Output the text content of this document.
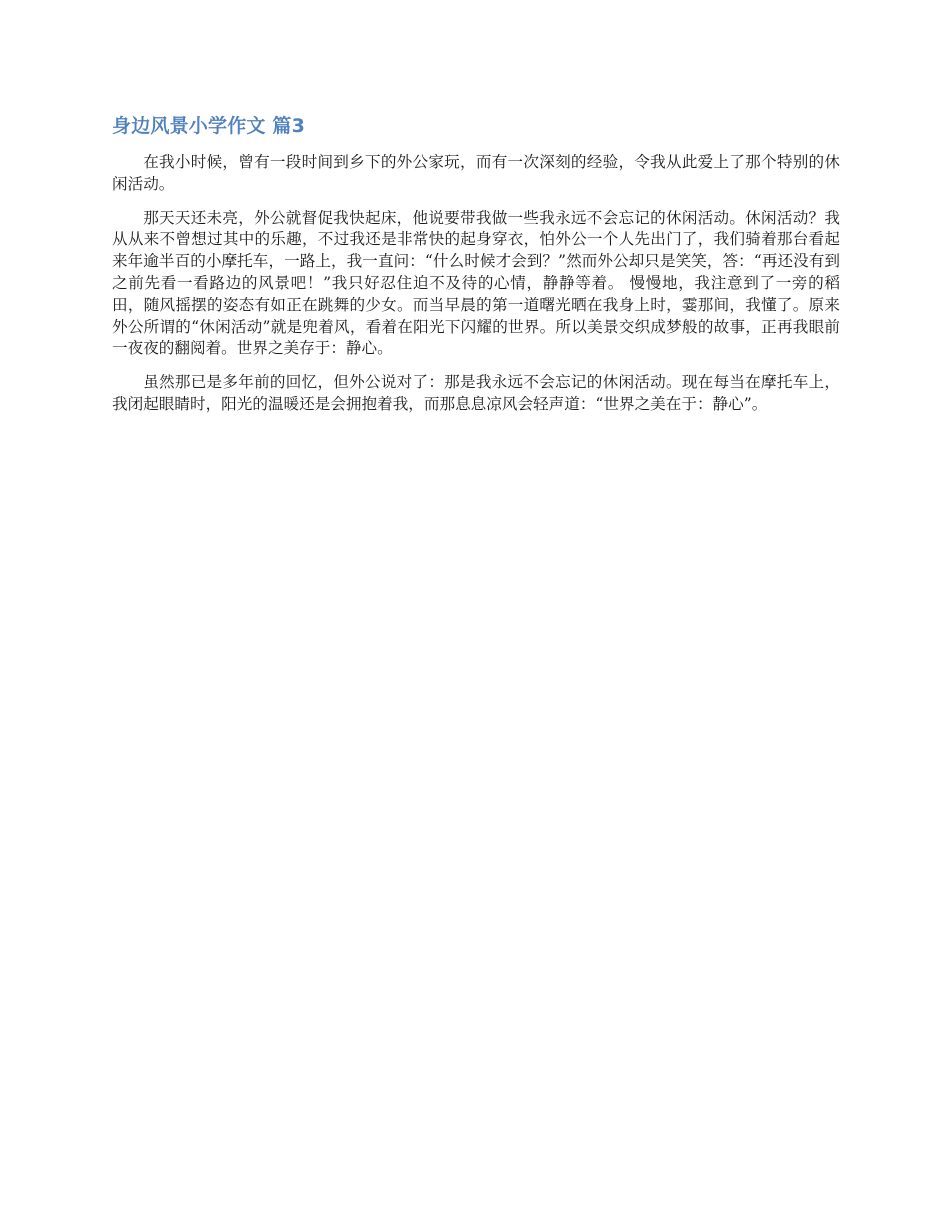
身边风景小学作文 篇3

在我小时候，曾有一段时间到乡下的外公家玩，而有一次深刻的经验，令我从此爱上了那个特别的休闲活动。

那天天还未亮，外公就督促我快起床，他说要带我做一些我永远不会忘记的休闲活动。休闲活动？我从从来不曾想过其中的乐趣，不过我还是非常快的起身穿衣，怕外公一个人先出门了，我们骑着那台看起来年逾半百的小摩托车，一路上，我一直问：“什么时候才会到？”然而外公却只是笑笑，答：“再还没有到之前先看一看路边的风景吧！”我只好忍住迫不及待的心情，静静等着。 慢慢地，我注意到了一旁的稻田，随风摇摆的姿态有如正在跳舞的少女。而当早晨的第一道曙光晒在我身上时，霎那间，我懂了。原来外公所谓的“休闲活动”就是兜着风，看着在阳光下闪耀的世界。所以美景交织成梦般的故事，正再我眼前一夜夜的翻阅着。世界之美存于：静心。

虽然那已是多年前的回忆，但外公说对了：那是我永远不会忘记的休闲活动。现在每当在摩托车上，我闭起眼睛时，阳光的温暖还是会拥抱着我，而那息息凉风会轻声道：“世界之美在于：静心”。
